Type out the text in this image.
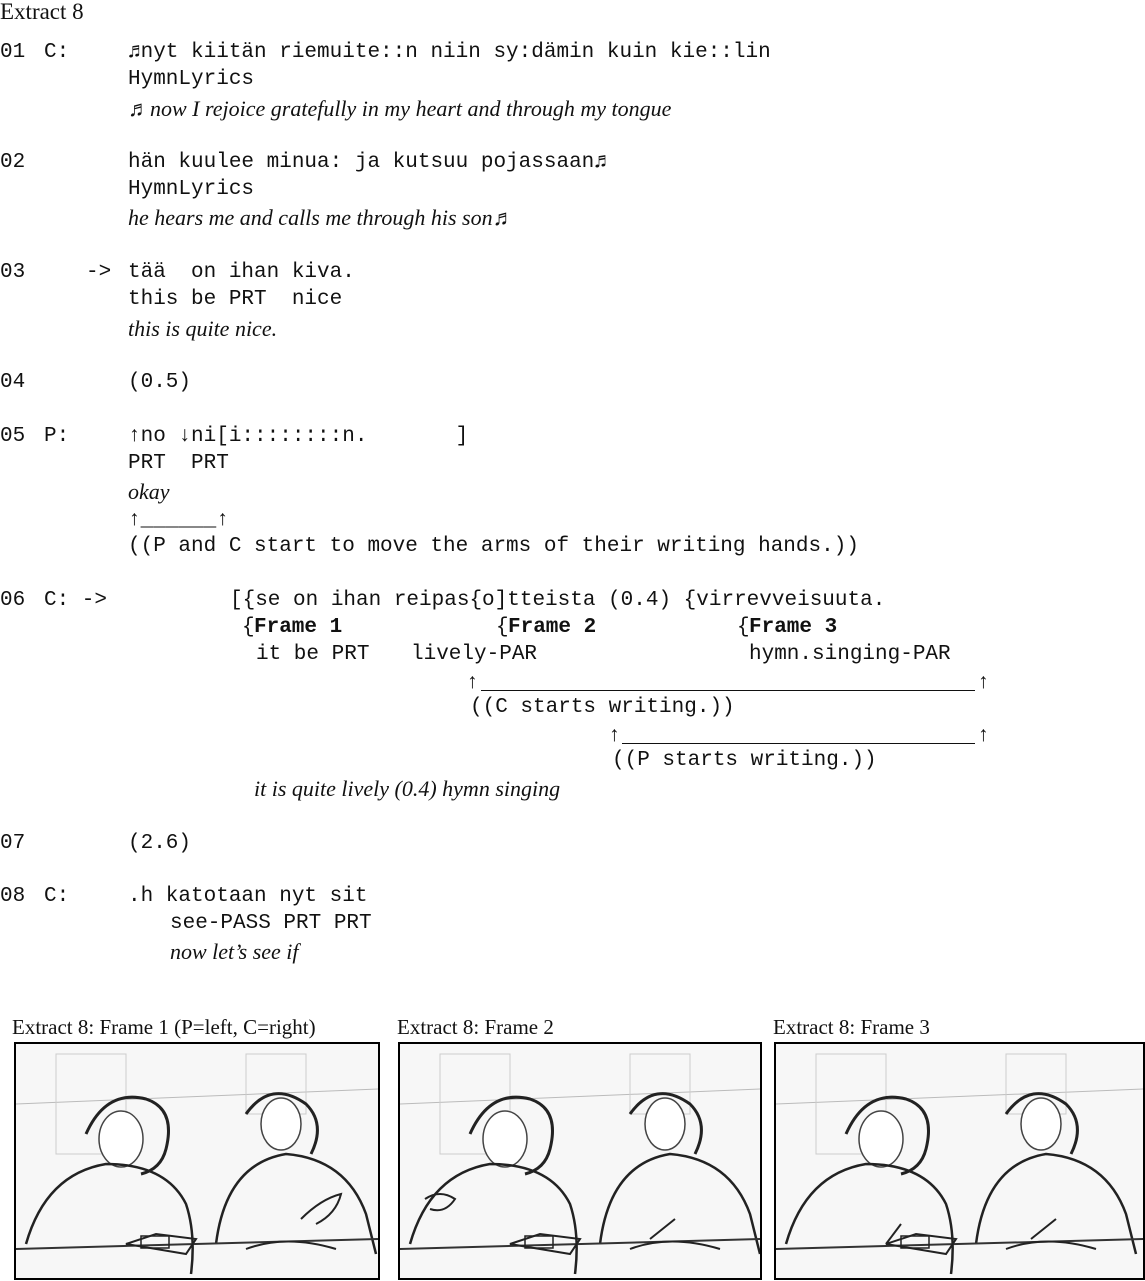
Extract 8
01 C:	♬nyt kiitän riemuite::n niin sy:dämin kuin kie::lin
HymnLyrics
♬now I rejoice gratefully in my heart and through my tongue
02	hän kuulee minua: ja kutsuu pojassaan♬
HymnLyrics
he hears me and calls me through his son♬
03	-> tää  on ihan kiva.
this be PRT  nice
this is quite nice.
04	(0.5)
05 P:	↑no ↓ni[i::::::::n.       ]
PRT  PRT
okay
↑______↑
((P and C start to move the arms of their writing hands.))
06 C: ->	[{se on ihan reipas{o]tteista (0.4) {virrevveisuuta.
{ Frame 1	{ Frame 2	{ Frame 3
it be PRT lively-PAR	hymn.singing-PAR
↑	↑
((C starts writing.))
↑	↑
((P starts writing.))
it is quite lively (0.4) hymn singing
07	(2.6)
08 C:	.h katotaan nyt sit
see-PASS PRT PRT
now let’s see if
Extract 8: Frame 1 (P=left, C=right)	Extract 8: Frame 2	Extract 8: Frame 3
